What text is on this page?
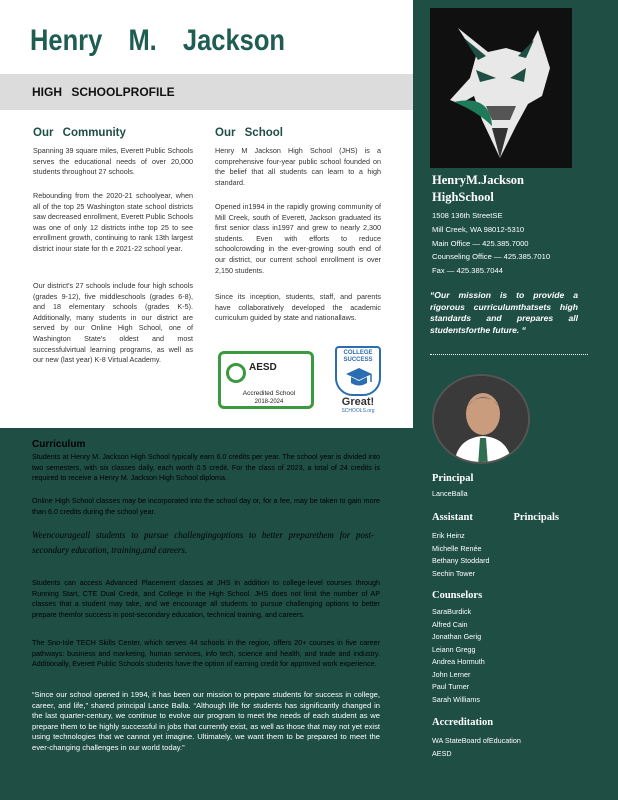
Henry M. Jackson
HIGH SCHOOLPROFILE
Our Community
Spanning 39 square miles, Everett Public Schools serves the educational needs of over 20,000 students throughout 27 schools.
Rebounding from the 2020-21 schoolyear, when all of the top 25 Washington state school districts saw decreased enrollment, Everett Public Schools was one of only 12 districts inthe top 25 to see enrollment growth, continuing to rank 13th largest district inour state for th e 2021-22 school year.
Our district's 27 schools include four high schools (grades 9-12), five middleschools (grades 6-8), and 18 elementary schools (grades K-5). Additionally, many students in our district are served by our Online High School, one of Washington State's oldest and most successfulvirtual learning programs, as well as our new (last year) K-8 Virtual Academy.
Our School
Henry M Jackson High School (JHS) is a comprehensive four-year public school founded on the belief that all students can learn to a high standard.
Opened in1994 in the rapidly growing community of Mill Creek, south of Everett, Jackson graduated its first senior class in1997 and grew to nearly 2,300 students. Even with efforts to reduce schoolcrowding in the ever-growing south end of our district, our current school enrollment is over 2,150 students.
Since its inception, students, staff, and parents have collaboratively developed the academic curriculum guided by state and nationallaws.
AESD
Accredited School
2018-2024
COLLEGE SUCCESS
Great!
SCHOOLS.org
HenryM.Jackson HighSchool
1508 136th StreetSE
Mill Creek, WA 98012-5310
Main Office — 425.385.7000
Counseling Office — 425.385.7010
Fax — 425.385.7044
“Our mission is to provide a rigorous curriculumthatsets high standards and prepares all studentsforthe future. “
Principal
LanceBalla
Assistant Principals
Erik Heinz
Michelle Renée
Bethany Stoddard
Sechin Tower
Counselors
SaraBurdick
Alfred Cain
Jonathan Gerig
Leiann Gregg
Andrea Hormuth
John Lerner
Paul Turner
Sarah Williams
Accreditation
WA StateBoard ofEducation
AESD
Curriculum
Students at Henry M. Jackson High School typically earn 6.0 credits per year. The school year is divided into two semesters, with six classes daily, each worth 0.5 credit. For the class of 2023, a total of 24 credits is required to receive a Henry M. Jackson High School diploma.
Online High School classes may be incorporated into the school day or, for a fee, may be taken to gain more than 6.0 credits during the school year.
Weencourageall students to pursue challengingoptions to better preparethem for post-secondary education, training,and careers.
Students can access Advanced Placement classes at JHS in addition to college-level courses through Running Start, CTE Dual Credit, and College in the High School. JHS does not limit the number of AP classes that a student may take, and we encourage all students to pursue challenging options to better prepare themfor success in post-secondary education, technical training, and careers.
The Sno-Isle TECH Skills Center, which serves 44 schools in the region, offers 20+ courses in five career pathways: business and marketing, human services, info tech, science and health, and trade and industry. Additionally, Everett Public Schools students have the option of earning credit for approved work experience.
“Since our school opened in 1994, it has been our mission to prepare students for success in college, career, and life,” shared principal Lance Balla. “Although life for students has significantly changed in the last quarter-century, we continue to evolve our program to meet the needs of each student as we prepare them to be highly successful in jobs that currently exist, as well as those that may not yet exist using technologies that we cannot yet imagine. Ultimately, we want them to be prepared to meet the ever-changing challenges in our world today.”
